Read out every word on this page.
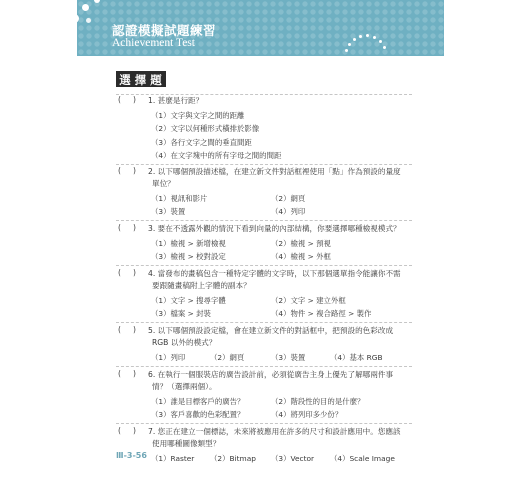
認證模擬試題練習
Achievement Test
選擇題
(     ) 1. 甚麼是行距？
（1）文字與文字之間的距離
（2）文字以何種形式橫排於影像
（3）各行文字之間的垂直間距
（4）在文字塊中的所有字母之間的間距
(     ) 2. 以下哪個預設描述檔，在建立新文件對話框裡使用「點」作為預設的量度
單位？
（1）視訊和影片	（2）網頁
（3）裝置	（4）列印
(     ) 3. 要在不透露外觀的情況下看到向量的內部結構，你要選擇哪種檢視模式？
（1）檢視 > 新增檢視	（2）檢視 > 預視
（3）檢視 > 校對設定	（4）檢視 > 外框
(     ) 4. 當發布的畫稿包含一種特定字體的文字時，以下那個選單指令能讓你不需
要跟隨畫稿附上字體的副本？
（1）文字 > 搜尋字體	（2）文字 > 建立外框
（3）檔案 > 封裝	（4）物件 > 複合路徑 > 製作
(     ) 5. 以下哪個預設設定檔，會在建立新文件的對話框中，把預設的色彩改成
RGB 以外的模式？
（1）列印	（2）網頁	（3）裝置	（4）基本 RGB
(     ) 6. 在執行一個服裝店的廣告設計前，必須從廣告主身上優先了解哪兩件事
情？（選擇兩個）。
（1）誰是目標客戶的廣告？	（2）階段性的目的是什麼？
（3）客戶喜歡的色彩配置？	（4）將列印多少份？
(     ) 7. 您正在建立一個標誌，未來將被應用在許多的尺寸和設計應用中。您應該
使用哪種圖像類型？
（1）Raster （2）Bitmap （3）Vector （4）Scale Image
Ⅲ-3-56
